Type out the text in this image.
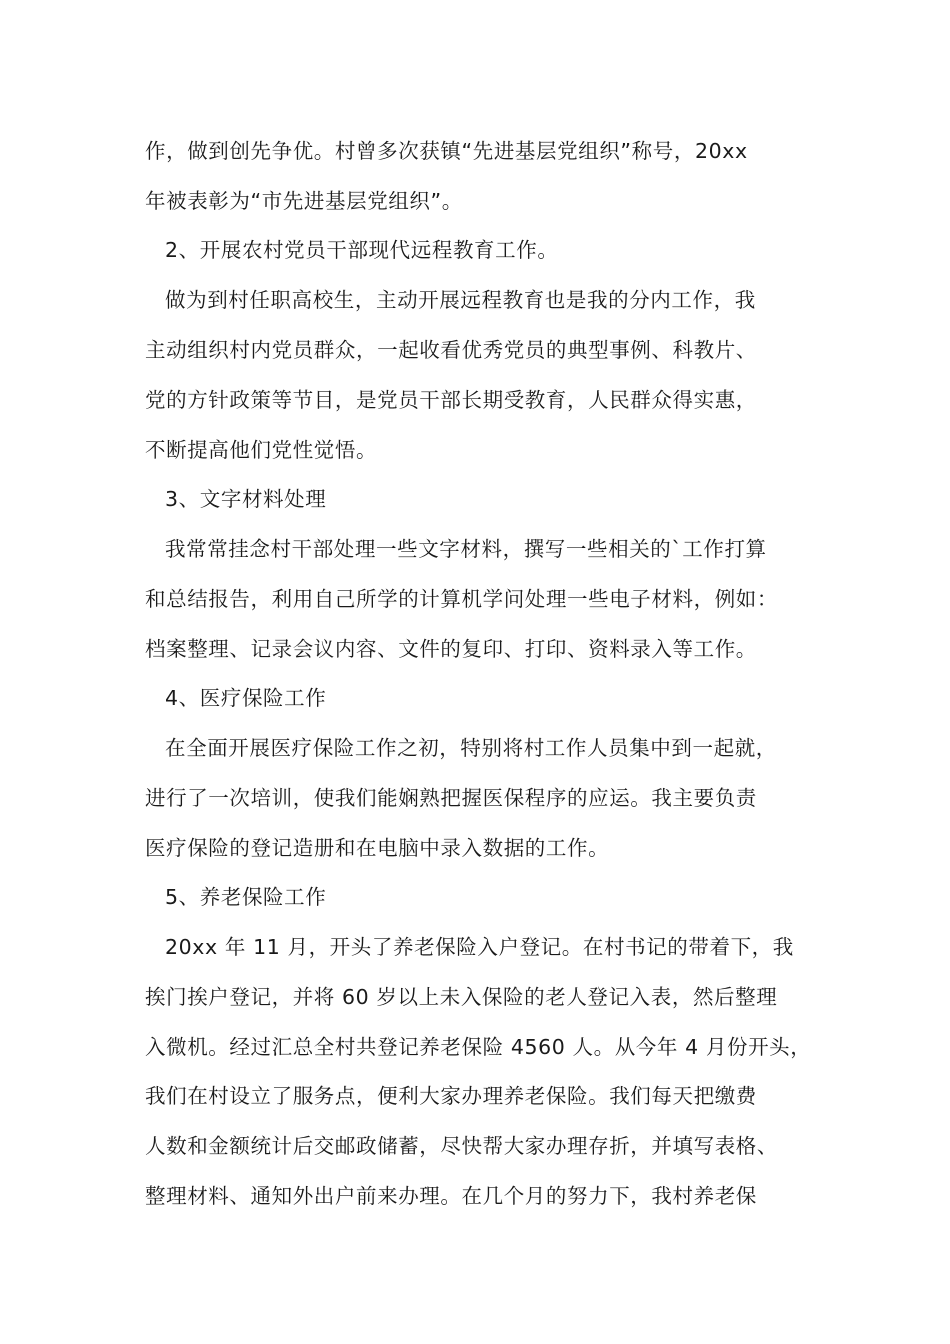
作，做到创先争优。村曾多次获镇“先进基层党组织”称号，20xx
年被表彰为“市先进基层党组织”。
2、开展农村党员干部现代远程教育工作。
做为到村任职高校生，主动开展远程教育也是我的分内工作，我
主动组织村内党员群众，一起收看优秀党员的典型事例、科教片、
党的方针政策等节目，是党员干部长期受教育，人民群众得实惠，
不断提高他们党性觉悟。
3、文字材料处理
我常常挂念村干部处理一些文字材料，撰写一些相关的`工作打算
和总结报告，利用自己所学的计算机学问处理一些电子材料，例如：
档案整理、记录会议内容、文件的复印、打印、资料录入等工作。
4、医疗保险工作
在全面开展医疗保险工作之初，特别将村工作人员集中到一起就，
进行了一次培训，使我们能娴熟把握医保程序的应运。我主要负责
医疗保险的登记造册和在电脑中录入数据的工作。
5、养老保险工作
20xx 年 11 月，开头了养老保险入户登记。在村书记的带着下，我
挨门挨户登记，并将 60 岁以上未入保险的老人登记入表，然后整理
入微机。经过汇总全村共登记养老保险 4560 人。从今年 4 月份开头，
我们在村设立了服务点，便利大家办理养老保险。我们每天把缴费
人数和金额统计后交邮政储蓄，尽快帮大家办理存折，并填写表格、
整理材料、通知外出户前来办理。在几个月的努力下，我村养老保
